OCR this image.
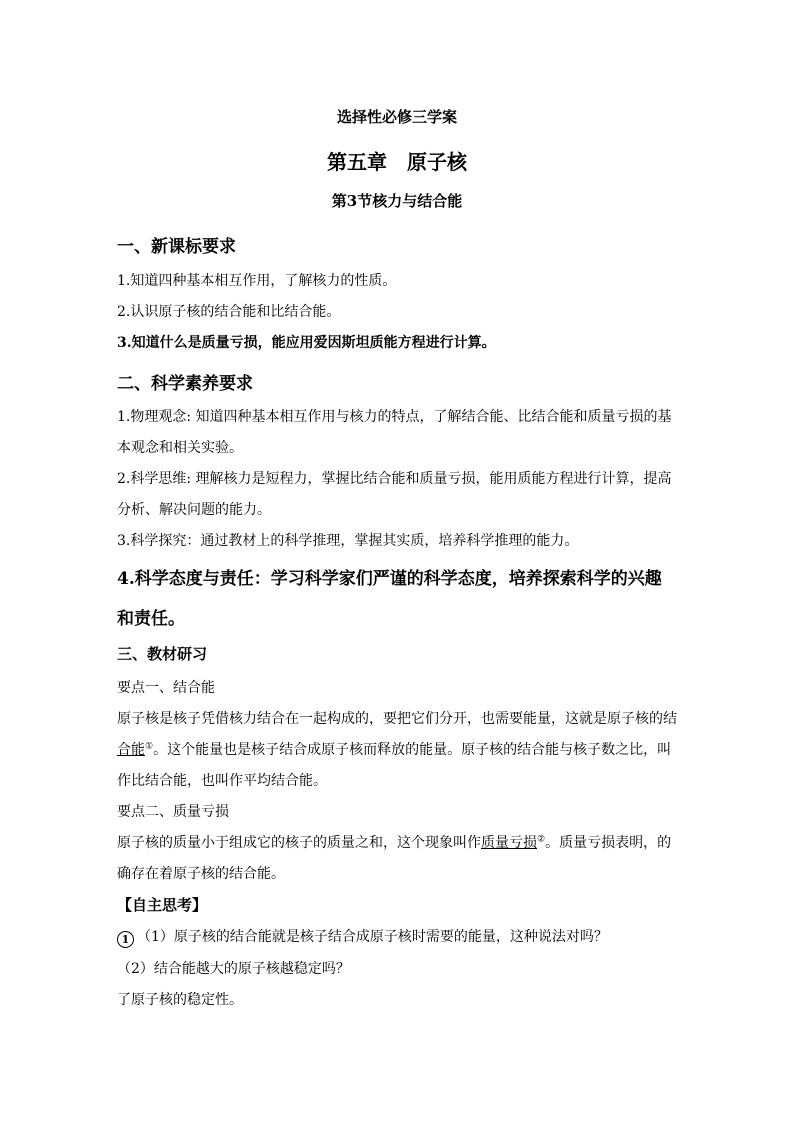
选择性必修三学案
第五章　原子核
第3节核力与结合能
一、新课标要求
1.知道四种基本相互作用，了解核力的性质。
2.认识原子核的结合能和比结合能。
3.知道什么是质量亏损，能应用爱因斯坦质能方程进行计算。
二、科学素养要求
1.物理观念: 知道四种基本相互作用与核力的特点，了解结合能、比结合能和质量亏损的基
本观念和相关实验。
2.科学思维: 理解核力是短程力，掌握比结合能和质量亏损，能用质能方程进行计算，提高
分析、解决问题的能力。
3.科学探究：通过教材上的科学推理，掌握其实质，培养科学推理的能力。
4.科学态度与责任：学习科学家们严谨的科学态度，培养探索科学的兴趣
和责任。
三、教材研习
要点一、结合能
原子核是核子凭借核力结合在一起构成的，要把它们分开，也需要能量，这就是原子核的结
合能①。这个能量也是核子结合成原子核而释放的能量。原子核的结合能与核子数之比，叫
作比结合能，也叫作平均结合能。
要点二、质量亏损
原子核的质量小于组成它的核子的质量之和，这个现象叫作质量亏损②。质量亏损表明，的
确存在着原子核的结合能。
【自主思考】
1 （1）原子核的结合能就是核子结合成原子核时需要的能量，这种说法对吗？
（2）结合能越大的原子核越稳定吗？
了原子核的稳定性。
